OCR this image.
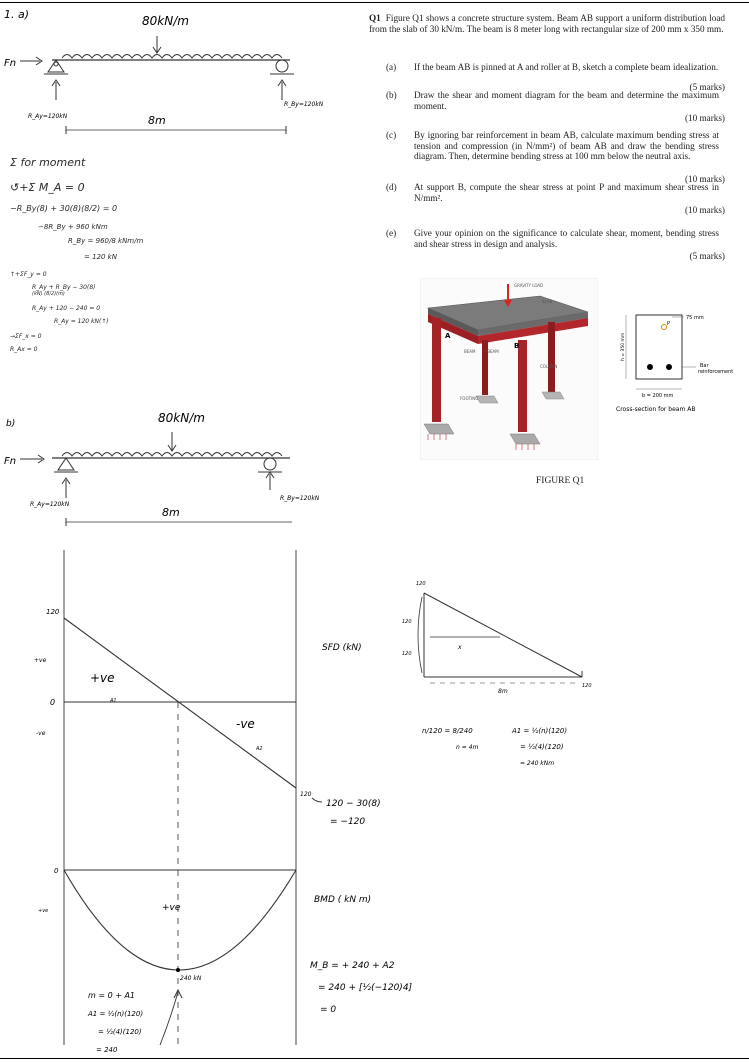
Q1 Figure Q1 shows a concrete structure system. Beam AB support a uniform distribution load from the slab of 30 kN/m. The beam is 8 meter long with rectangular size of 200 mm x 350 mm.
(a)	If the beam AB is pinned at A and roller at B, sketch a complete beam idealization.
(5 marks)
(b)	Draw the shear and moment diagram for the beam and determine the maximum moment.
(10 marks)
(c)	By ignoring bar reinforcement in beam AB, calculate maximum bending stress at tension and compression (in N/mm²) of beam AB and draw the bending stress diagram. Then, determine bending stress at 100 mm below the neutral axis.
(10 marks)
(d)	At support B, compute the shear stress at point P and maximum shear stress in N/mm².
(10 marks)
(e)	Give your opinion on the significance to calculate shear, moment, bending stress and shear stress in design and analysis.
(5 marks)
GRAVITY LOAD
SLAB
BEAM
COLUMN
FOOTING
A
B
— BEAM
P
75 mm
Bar
reinforcement
h = 350 mm
b = 200 mm
Cross-section for beam AB
FIGURE Q1
1. a)	80kN/m
Fn
R_Ay=120kN
R_By=120kN
8m
Σ for moment
↺+Σ M_A = 0
−R_By(8) + 30(8)(8/2) = 0
−8R_By + 960 kNm
R_By = 960/8 kNm/m
= 120 kN
↑+ΣF_y = 0
R_Ay + R_By − 30(8)
(kN) (8/2)(m)
R_Ay + 120 − 240 = 0
R_Ay = 120 kN(↑)
→ΣF_x = 0
R_Ax = 0
b)	80kN/m
Fn
R_Ay=120kN
R_By=120kN
8m
120
0
+ve
-ve
+ve
-ve
A1
A2
SFD (kN)
120
120 − 30(8)
= −120
0
+ve	+ve
BMD ( kN m)
240 kN
m = 0 + A1
A1 = ½(n)(120)
= ½(4)(120)
= 240
M_B = + 240 + A2
= 240 + [½(−120)4]
= 0
120
120
120
x
8m
120
n/120 = 8/240
n = 4m
A1 = ½(n)(120)
= ½(4)(120)
= 240 kNm
